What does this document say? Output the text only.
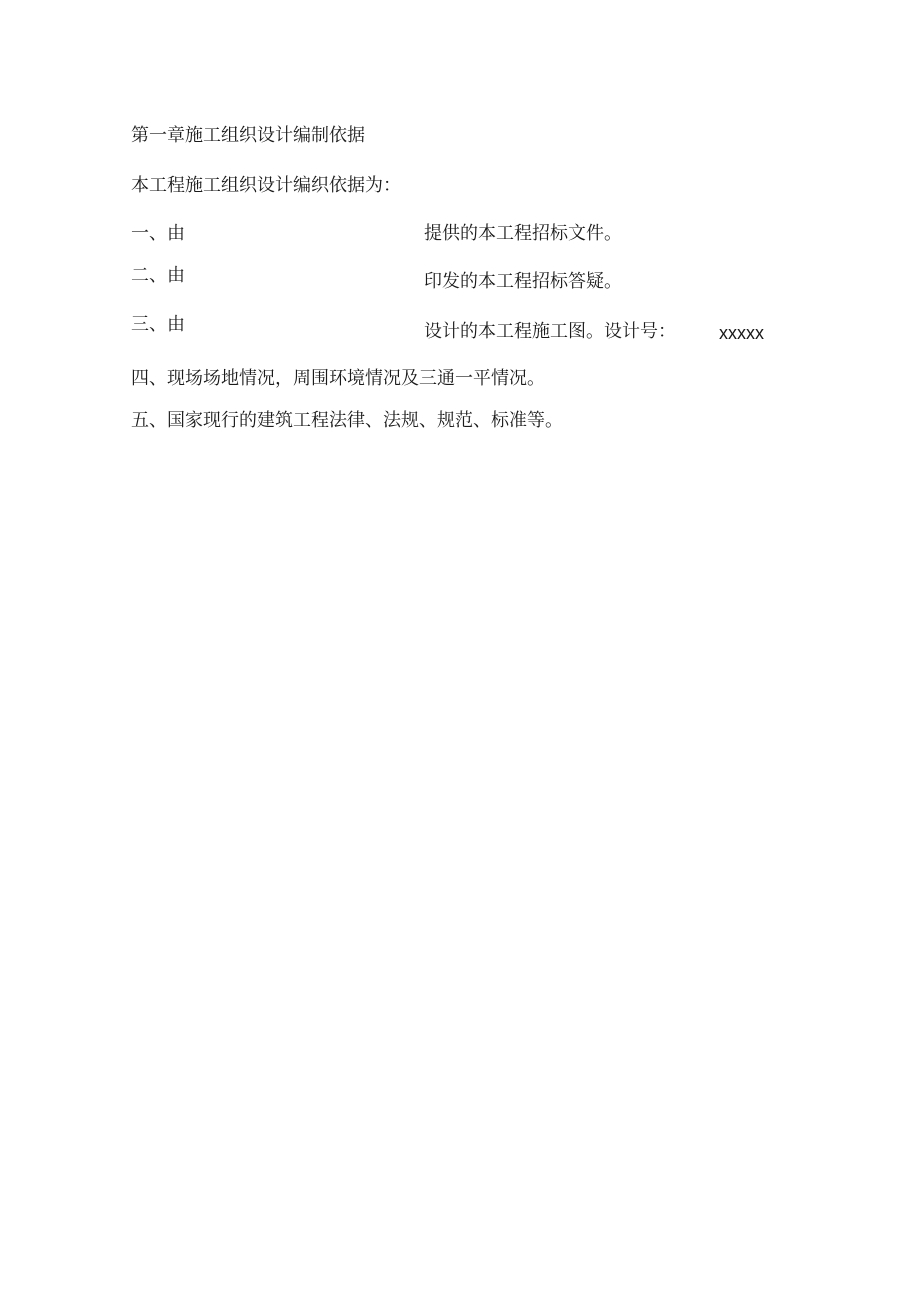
第一章施工组织设计编制依据
本工程施工组织设计编织依据为：
一、由	提供的本工程招标文件。
二、由	印发的本工程招标答疑。
三、由	设计的本工程施工图。设计号： xxxxx
四、现场场地情况，周围环境情况及三通一平情况。
五、国家现行的建筑工程法律、法规、规范、标准等。
